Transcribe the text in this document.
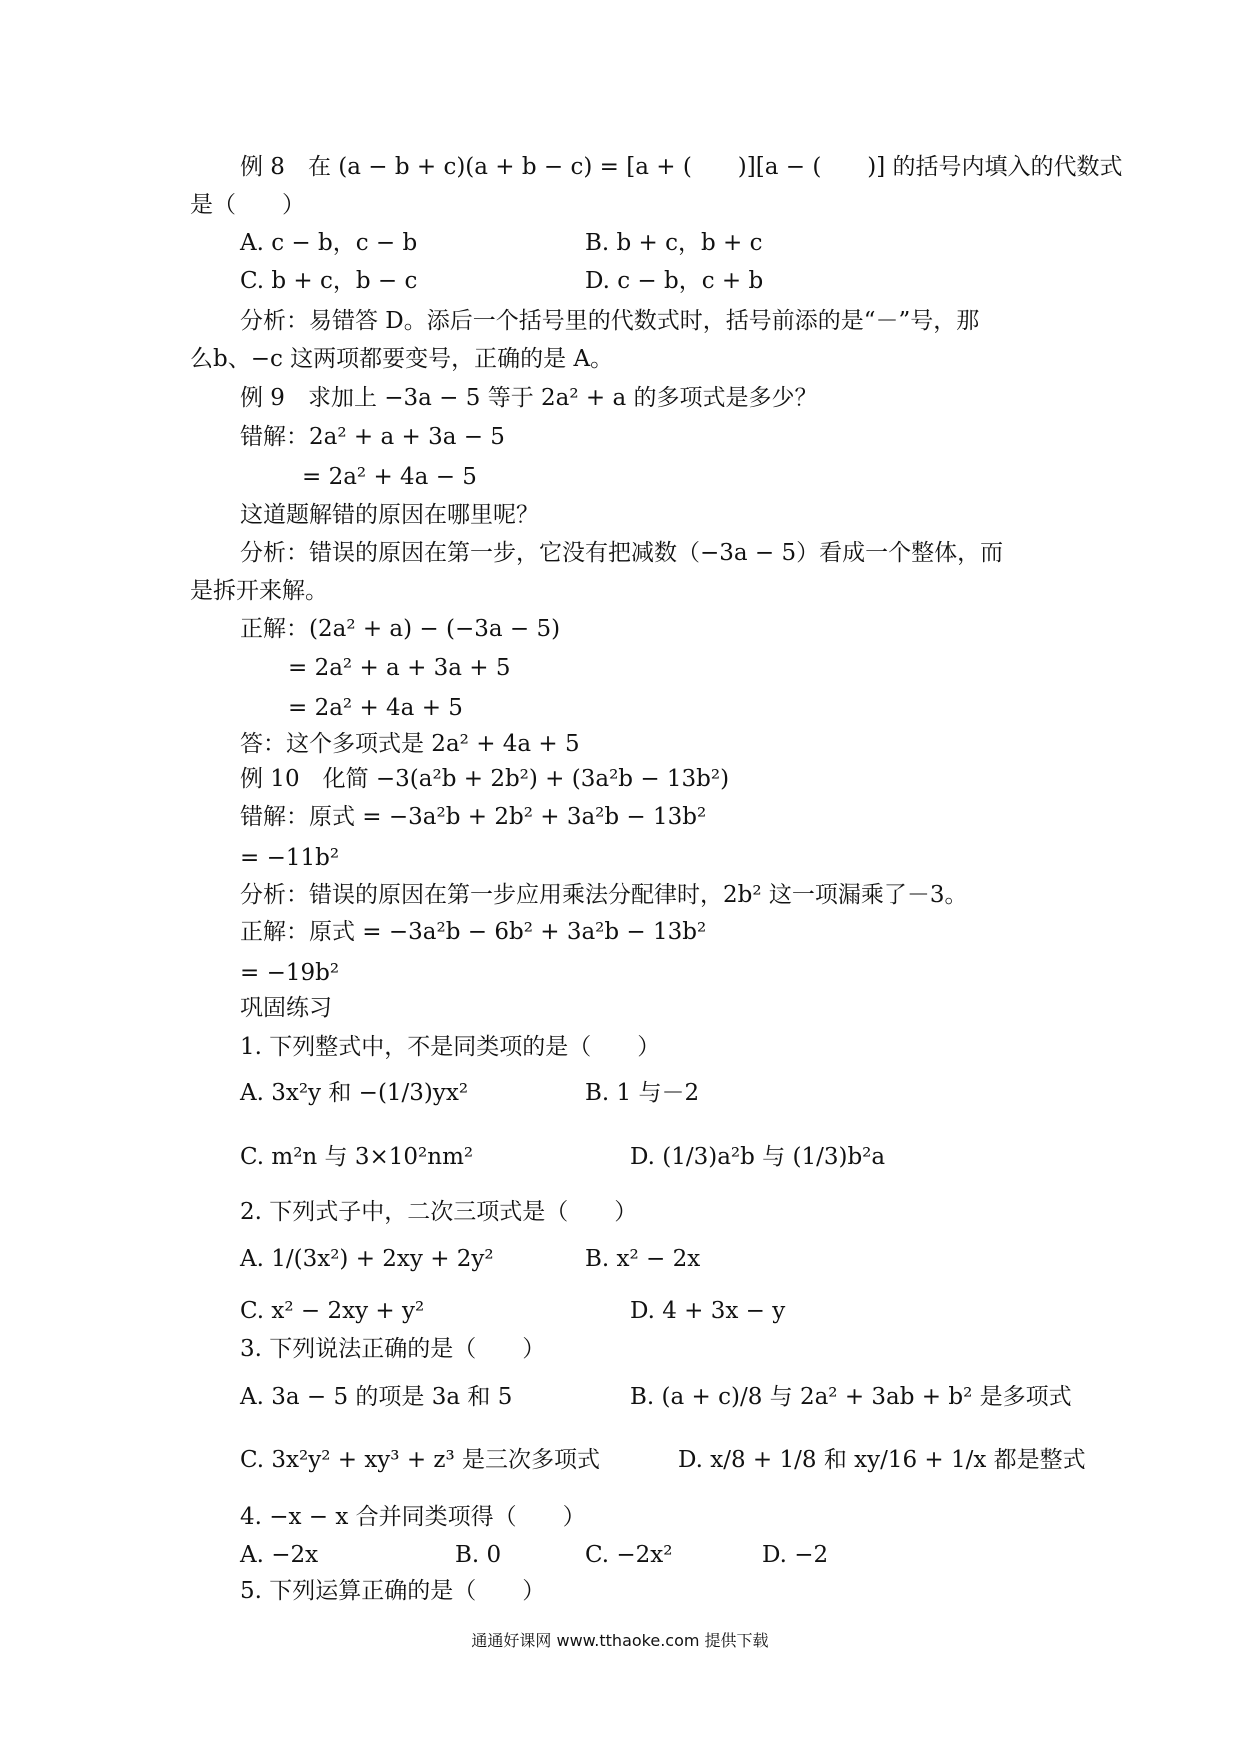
例 8　在 (a − b + c)(a + b − c) = [a + (　　)][a − (　　)] 的括号内填入的代数式
是（　　）
A. c − b，c − b	B. b + c，b + c
C. b + c，b − c	D. c − b，c + b
分析：易错答 D。添后一个括号里的代数式时，括号前添的是“－”号，那
么b、−c 这两项都要变号，正确的是 A。
例 9　求加上 −3a − 5 等于 2a² + a 的多项式是多少？
错解：2a² + a + 3a − 5
= 2a² + 4a − 5
这道题解错的原因在哪里呢？
分析：错误的原因在第一步，它没有把减数（−3a − 5）看成一个整体，而
是拆开来解。
正解：(2a² + a) − (−3a − 5)
= 2a² + a + 3a + 5
= 2a² + 4a + 5
答：这个多项式是 2a² + 4a + 5
例 10　化简 −3(a²b + 2b²) + (3a²b − 13b²)
错解：原式 = −3a²b + 2b² + 3a²b − 13b²
= −11b²
分析：错误的原因在第一步应用乘法分配律时，2b² 这一项漏乘了－3。
正解：原式 = −3a²b − 6b² + 3a²b − 13b²
= −19b²
巩固练习
1. 下列整式中，不是同类项的是（　　）
A. 3x²y 和 −(1/3)yx²	B. 1 与－2
C. m²n 与 3×10²nm²	D. (1/3)a²b 与 (1/3)b²a
2. 下列式子中，二次三项式是（　　）
A. 1/(3x²) + 2xy + 2y²	B. x² − 2x
C. x² − 2xy + y²	D. 4 + 3x − y
3. 下列说法正确的是（　　）
A. 3a − 5 的项是 3a 和 5	B. (a + c)/8 与 2a² + 3ab + b² 是多项式
C. 3x²y² + xy³ + z³ 是三次多项式	D. x/8 + 1/8 和 xy/16 + 1/x 都是整式
4. −x − x 合并同类项得（　　）
A. −2x	B. 0	C. −2x²	D. −2
5. 下列运算正确的是（　　）
通通好课网 www.tthaoke.com 提供下载
